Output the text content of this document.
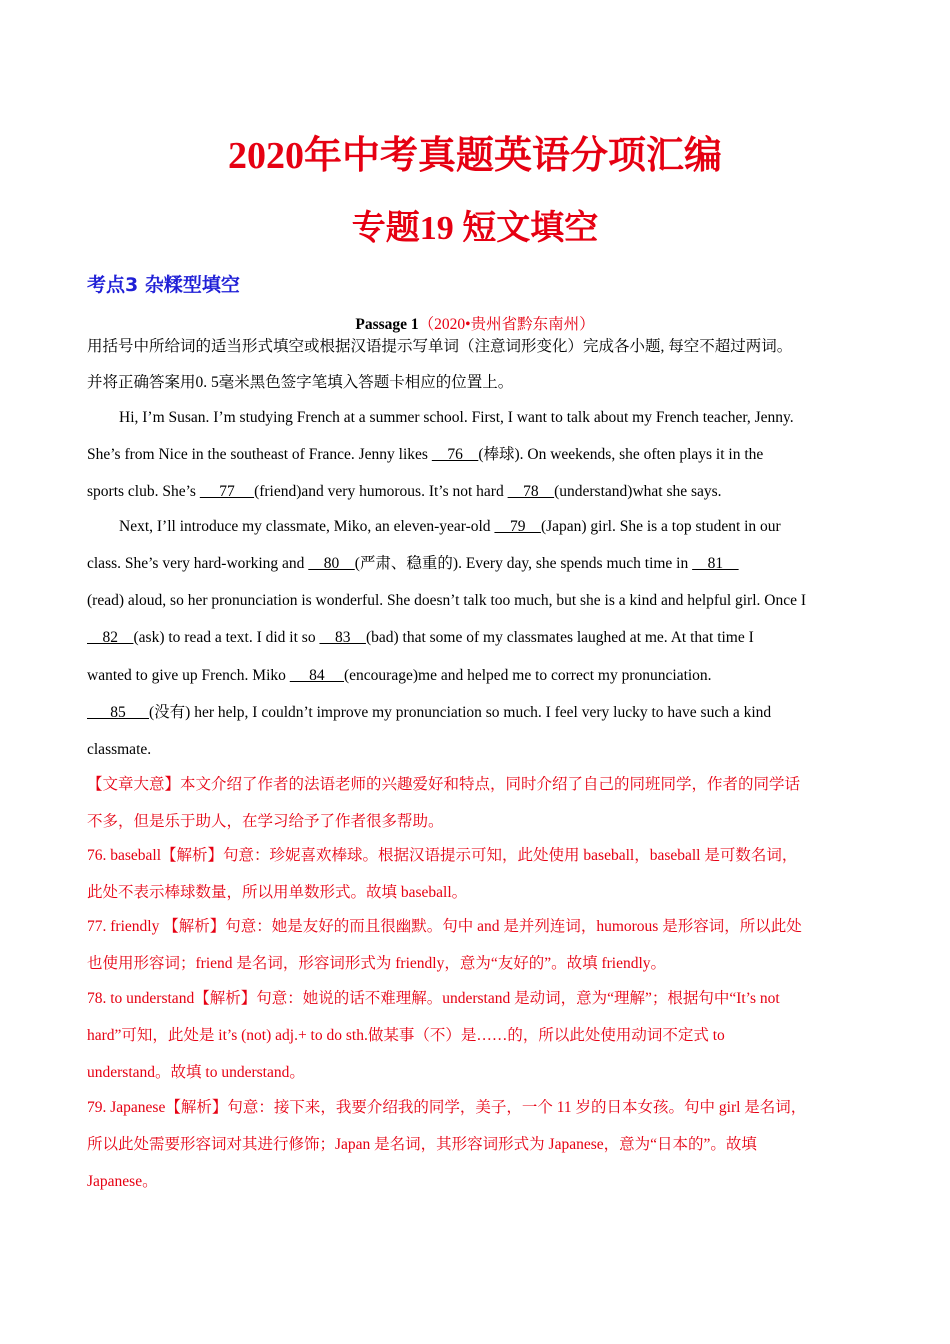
2020年中考真题英语分项汇编
专题19 短文填空
考点3 杂糅型填空
Passage 1（2020•贵州省黔东南州）
用括号中所给词的适当形式填空或根据汉语提示写单词（注意词形变化）完成各小题, 每空不超过两词。
并将正确答案用0. 5毫米黑色签字笔填入答题卡相应的位置上。
Hi, I’m Susan. I’m studying French at a summer school. First, I want to talk about my French teacher, Jenny.
She’s from Nice in the southeast of France. Jenny likes     76    (棒球). On weekends, she often plays it in the
sports club. She’s      77     (friend)and very humorous. It’s not hard     78    (understand)what she says.
Next, I’ll introduce my classmate, Miko, an eleven-year-old     79    (Japan) girl. She is a top student in our
class. She’s very hard-working and     80    (严肃、稳重的). Every day, she spends much time in     81
(read) aloud, so her pronunciation is wonderful. She doesn’t talk too much, but she is a kind and helpful girl. Once I
82    (ask) to read a text. I did it so     83    (bad) that some of my classmates laughed at me. At that time I
wanted to give up French. Miko      84     (encourage)me and helped me to correct my pronunciation.
85      (没有) her help, I couldn’t improve my pronunciation so much. I feel very lucky to have such a kind
classmate.
【文章大意】本文介绍了作者的法语老师的兴趣爱好和特点，同时介绍了自己的同班同学，作者的同学话
不多，但是乐于助人，在学习给予了作者很多帮助。
76. baseball【解析】句意：珍妮喜欢棒球。根据汉语提示可知，此处使用 baseball，baseball 是可数名词，
此处不表示棒球数量，所以用单数形式。故填 baseball。
77. friendly 【解析】句意：她是友好的而且很幽默。句中 and 是并列连词，humorous 是形容词，所以此处
也使用形容词；friend 是名词，形容词形式为 friendly，意为“友好的”。故填 friendly。
78. to understand【解析】句意：她说的话不难理解。understand 是动词，意为“理解”；根据句中“It’s not
hard”可知，此处是 it’s (not) adj.+ to do sth.做某事（不）是……的，所以此处使用动词不定式 to
understand。故填 to understand。
79. Japanese【解析】句意：接下来，我要介绍我的同学，美子，一个 11 岁的日本女孩。句中 girl 是名词，
所以此处需要形容词对其进行修饰；Japan 是名词，其形容词形式为 Japanese，意为“日本的”。故填
Japanese。
